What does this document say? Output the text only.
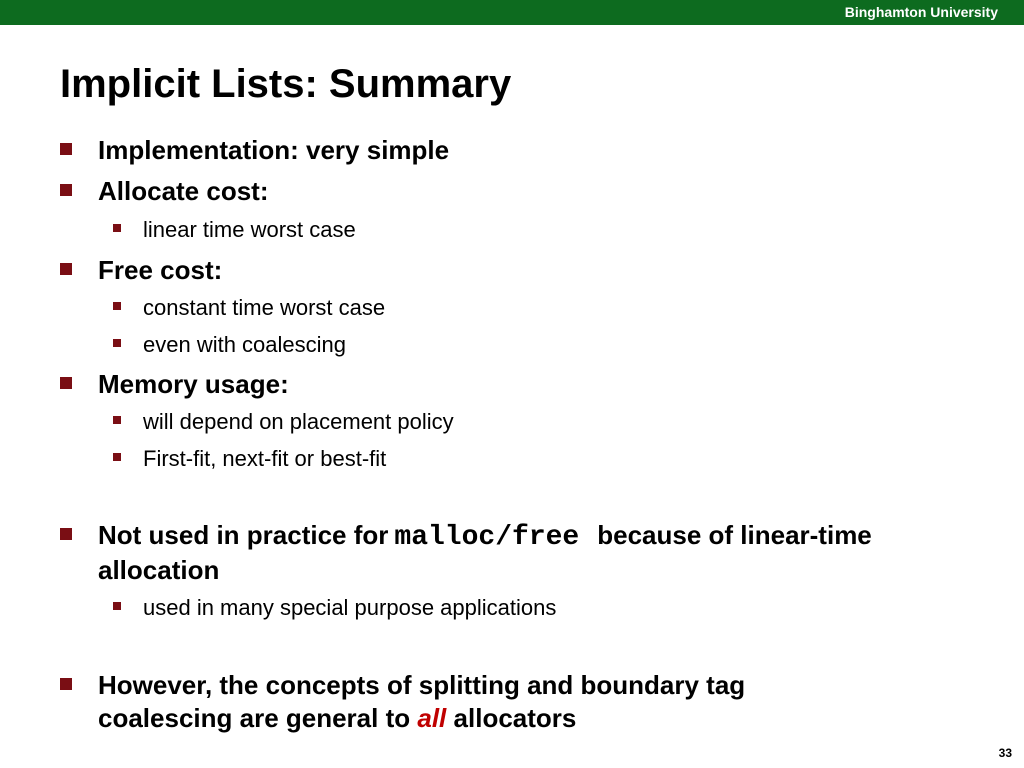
Binghamton University
Implicit Lists: Summary
Implementation: very simple
Allocate cost:
linear time worst case
Free cost:
constant time worst case
even with coalescing
Memory usage:
will depend on placement policy
First-fit, next-fit or best-fit
Not used in practice for malloc/free because of linear-time allocation
used in many special purpose applications
However, the concepts of splitting and boundary tag coalescing are general to all allocators
33
